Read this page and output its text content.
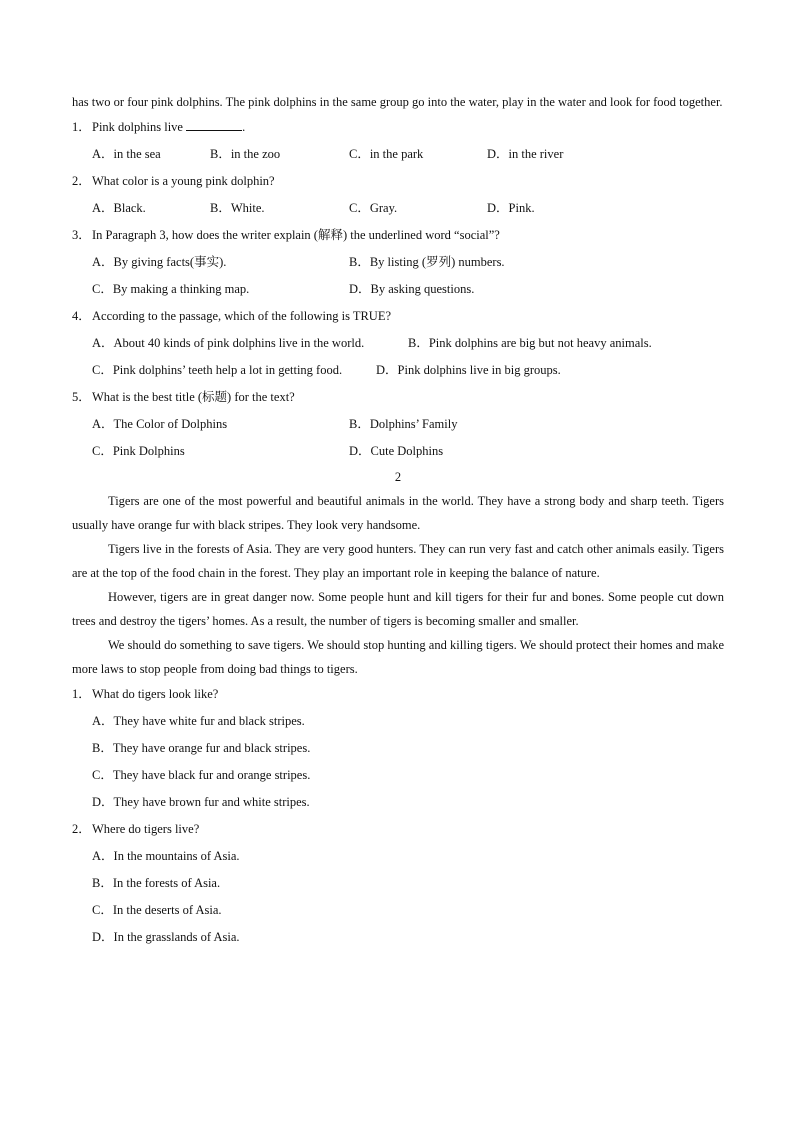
has two or four pink dolphins. The pink dolphins in the same group go into the water, play in the water and look for food together.

1．Pink dolphins live	.

A．in the sea	B．in the zoo	C．in the park	D．in the river

2．What color is a young pink dolphin?

A．Black.	B．White.	C．Gray.	D．Pink.

3．In Paragraph 3, how does the writer explain (解释) the underlined word “social”?

A．By giving facts(事实).	B．By listing (罗列) numbers.
C．By making a thinking map.	D．By asking questions.

4．According to the passage, which of the following is TRUE?

A．About 40 kinds of pink dolphins live in the world.	B．Pink dolphins are big but not heavy animals.
C．Pink dolphins’ teeth help a lot in getting food.	D．Pink dolphins live in big groups.

5．What is the best title (标题) for the text?

A．The Color of Dolphins	B．Dolphins’ Family
C．Pink Dolphins	D．Cute Dolphins

2

Tigers are one of the most powerful and beautiful animals in the world. They have a strong body and sharp teeth. Tigers usually have orange fur with black stripes. They look very handsome.

Tigers live in the forests of Asia. They are very good hunters. They can run very fast and catch other animals easily. Tigers are at the top of the food chain in the forest. They play an important role in keeping the balance of nature.

However, tigers are in great danger now. Some people hunt and kill tigers for their fur and bones. Some people cut down trees and destroy the tigers’ homes. As a result, the number of tigers is becoming smaller and smaller.

We should do something to save tigers. We should stop hunting and killing tigers. We should protect their homes and make more laws to stop people from doing bad things to tigers.

1．What do tigers look like?

A．They have white fur and black stripes.

B．They have orange fur and black stripes.

C．They have black fur and orange stripes.

D．They have brown fur and white stripes.

2．Where do tigers live?

A．In the mountains of Asia.

B．In the forests of Asia.

C．In the deserts of Asia.

D．In the grasslands of Asia.
